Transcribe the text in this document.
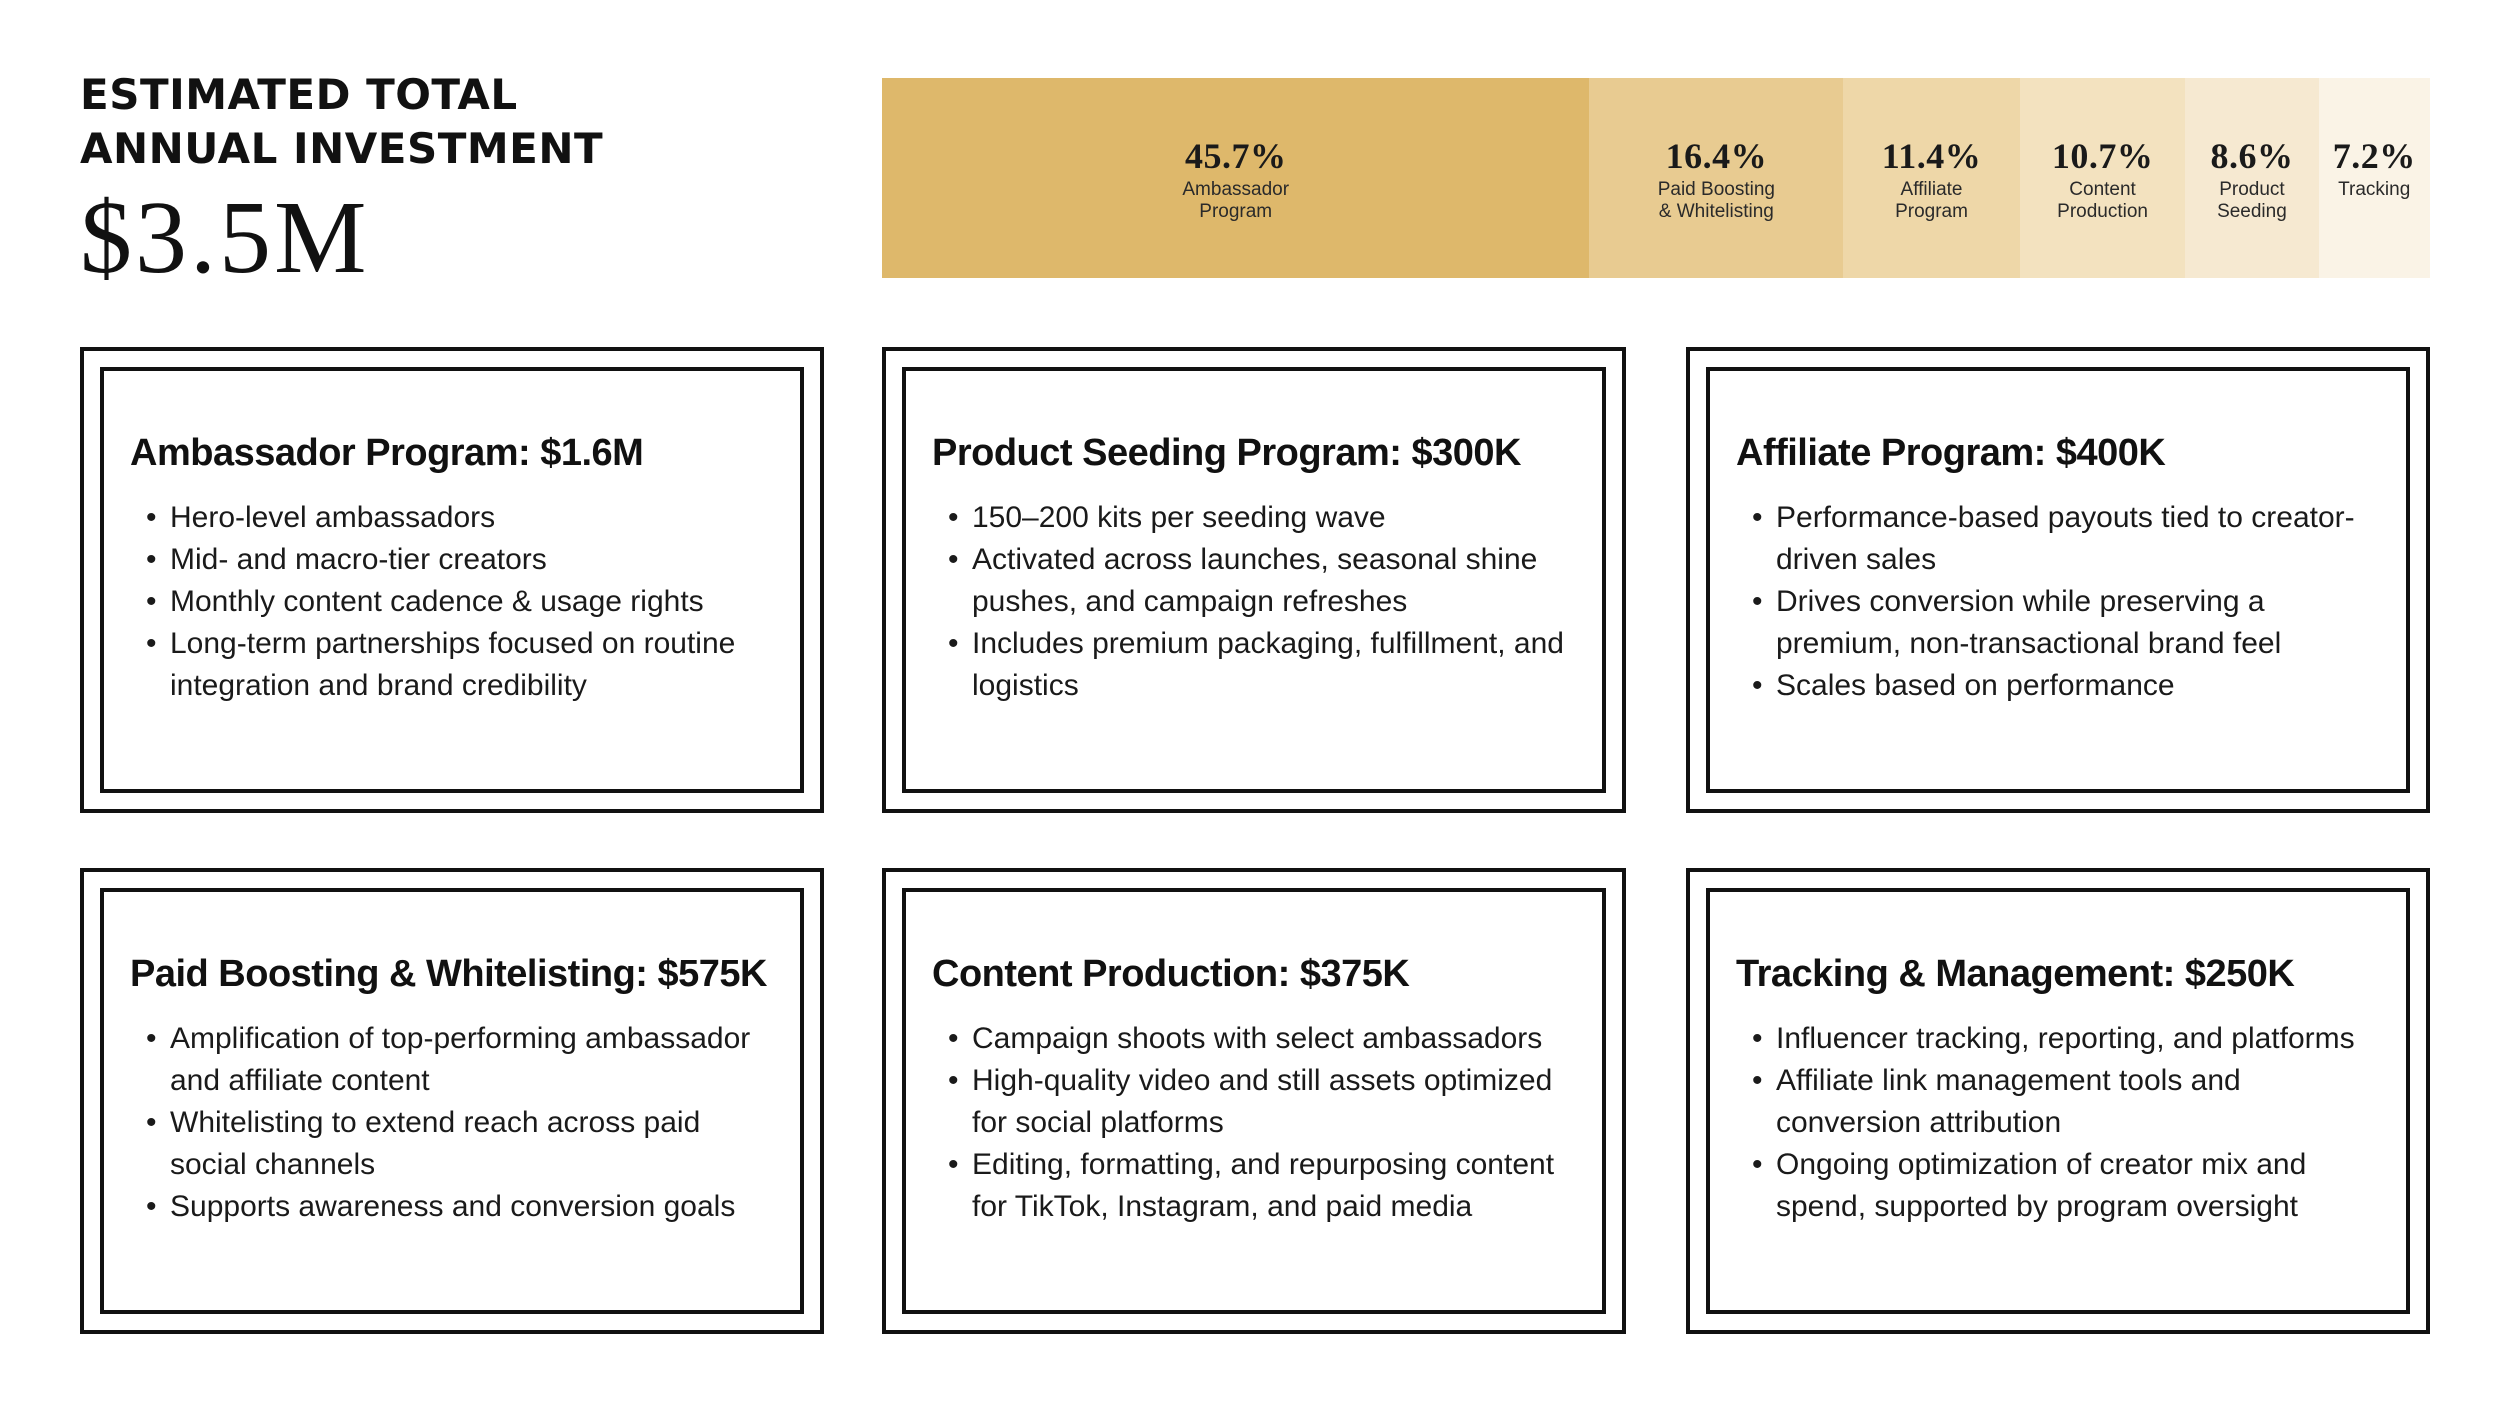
ESTIMATED TOTAL
ANNUAL INVESTMENT
$3.5M
45.7%
Ambassador
Program
16.4%
Paid Boosting
& Whitelisting
11.4%
Affiliate
Program
10.7%
Content
Production
8.6%
Product
Seeding
7.2%
Tracking
Ambassador Program: $1.6M
• Hero-level ambassadors
• Mid- and macro-tier creators
• Monthly content cadence & usage rights
• Long-term partnerships focused on routine integration and brand credibility
Product Seeding Program: $300K
• 150–200 kits per seeding wave
• Activated across launches, seasonal shine pushes, and campaign refreshes
• Includes premium packaging, fulfillment, and logistics
Affiliate Program: $400K
• Performance-based payouts tied to creator-driven sales
• Drives conversion while preserving a premium, non-transactional brand feel
• Scales based on performance
Paid Boosting & Whitelisting: $575K
• Amplification of top-performing ambassador and affiliate content
• Whitelisting to extend reach across paid social channels
• Supports awareness and conversion goals
Content Production: $375K
• Campaign shoots with select ambassadors
• High-quality video and still assets optimized for social platforms
• Editing, formatting, and repurposing content for TikTok, Instagram, and paid media
Tracking & Management: $250K
• Influencer tracking, reporting, and platforms
• Affiliate link management tools and conversion attribution
• Ongoing optimization of creator mix and spend, supported by program oversight
